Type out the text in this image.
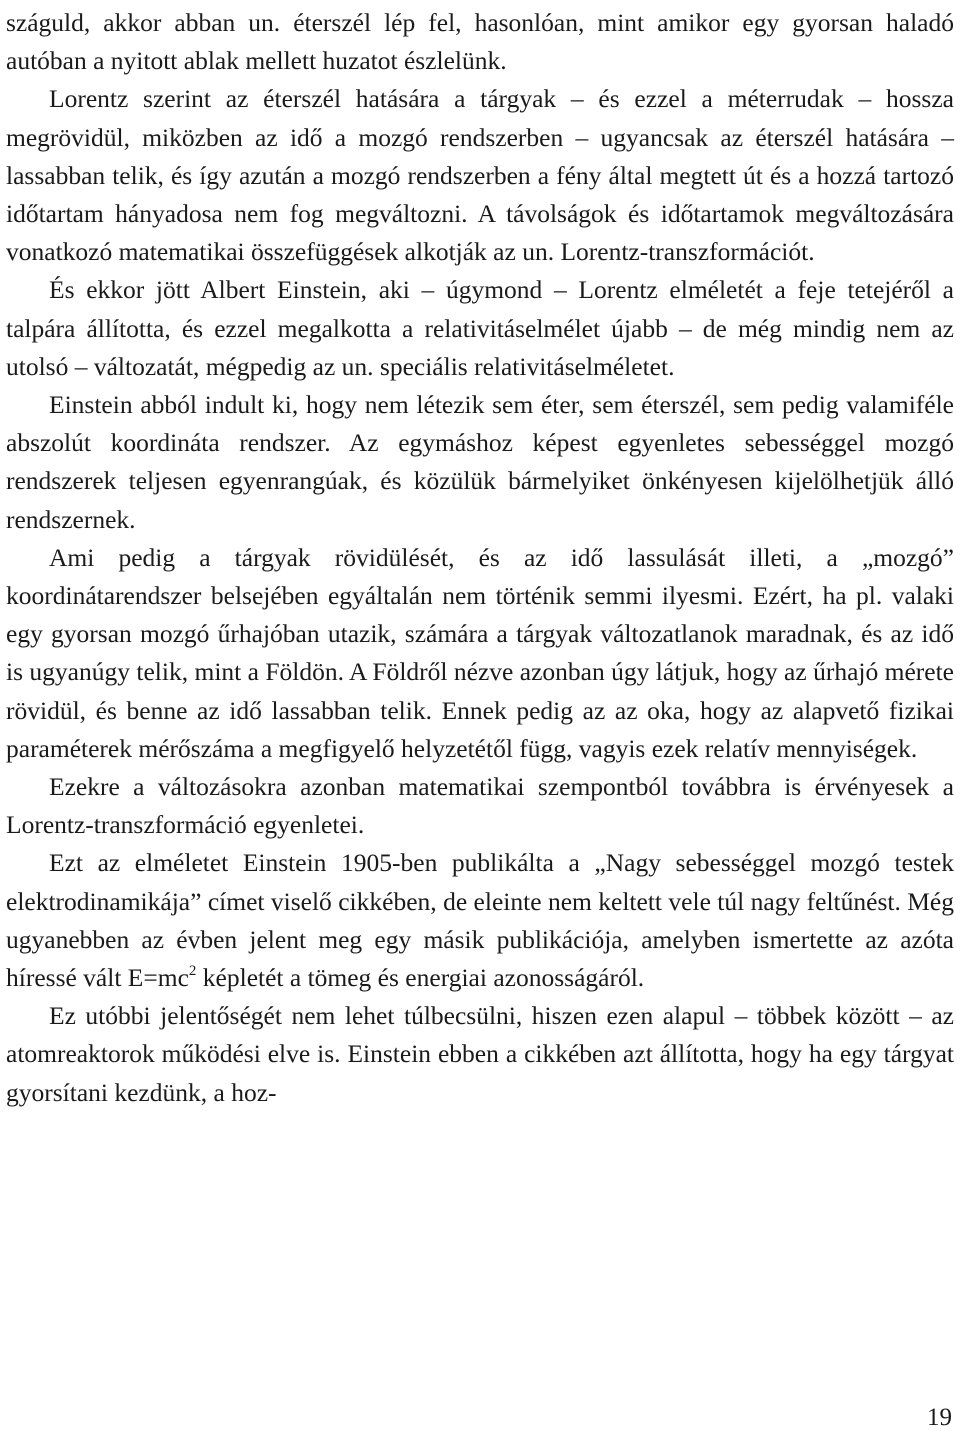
száguld, akkor abban un. éterszél lép fel, hasonlóan, mint amikor egy gyorsan haladó autóban a nyitott ablak mellett huzatot észlelünk.

Lorentz szerint az éterszél hatására a tárgyak – és ezzel a méterrudak – hossza megrövidül, miközben az idő a mozgó rendszerben – ugyancsak az éterszél hatására – lassabban telik, és így azután a mozgó rendszerben a fény által megtett út és a hozzá tartozó időtartam hányadosa nem fog megváltozni. A távolságok és időtartamok megváltozására vonatkozó matematikai összefüggések alkotják az un. Lorentz-transzformációt.

És ekkor jött Albert Einstein, aki – úgymond – Lorentz elméletét a feje tetejéről a talpára állította, és ezzel megalkotta a relativitáselmélet újabb – de még mindig nem az utolsó – változatát, mégpedig az un. speciális relativitáselméletet.

Einstein abból indult ki, hogy nem létezik sem éter, sem éterszél, sem pedig valamiféle abszolút koordináta rendszer. Az egymáshoz képest egyenletes sebességgel mozgó rendszerek teljesen egyenrangúak, és közülük bármelyiket önkényesen kijelölhetjük álló rendszernek.

Ami pedig a tárgyak rövidülését, és az idő lassulását illeti, a „mozgó” koordinátarendszer belsejében egyáltalán nem történik semmi ilyesmi. Ezért, ha pl. valaki egy gyorsan mozgó űrhajóban utazik, számára a tárgyak változatlanok maradnak, és az idő is ugyanúgy telik, mint a Földön. A Földről nézve azonban úgy látjuk, hogy az űrhajó mérete rövidül, és benne az idő lassabban telik. Ennek pedig az az oka, hogy az alapvető fizikai paraméterek mérőszáma a megfigyelő helyzetétől függ, vagyis ezek relatív mennyiségek.

Ezekre a változásokra azonban matematikai szempontból továbbra is érvényesek a Lorentz-transzformáció egyenletei.

Ezt az elméletet Einstein 1905-ben publikálta a „Nagy sebességgel mozgó testek elektrodinamikája” címet viselő cikkében, de eleinte nem keltett vele túl nagy feltűnést. Még ugyanebben az évben jelent meg egy másik publikációja, amelyben ismertette az azóta híressé vált $E=mc^2$ képletét a tömeg és energiai azonosságáról.

Ez utóbbi jelentőségét nem lehet túlbecsülni, hiszen ezen alapul – többek között – az atomreaktorok működési elve is. Einstein ebben a cikkében azt állította, hogy ha egy tárgyat gyorsítani kezdünk, a hoz-

19
